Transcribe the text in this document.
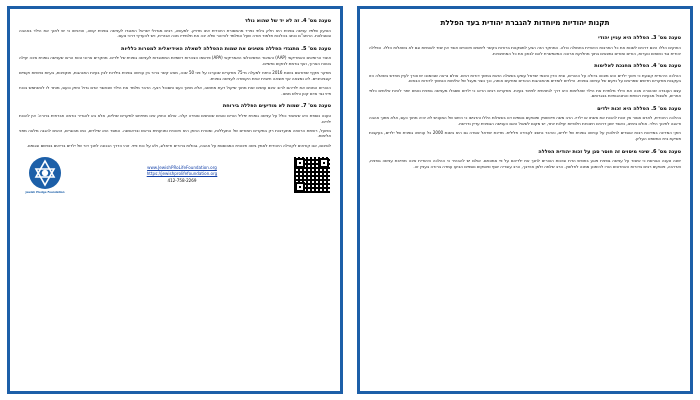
טענה מס' 4. זה לא יד של שהוא נולד

הטיעון שלפיו ענישה גופנית היא חלק בלתי נפרד מהמסורת היהודית אינו מדויק. למעשה, רבים מגדולי ישראל התנגדו לענישה גופנית קשה, והדגישו כי יש לחנך את הילד באהבה ובסבלנות. הרמב"ם כותב בהלכות תלמוד תורה שעל המלמד להיזהר שלא יכה את תלמידיו מכה אכזרית, ויש להעדיף דרכי נועם.

טענה מס' 5. מתנגדי הפללה משיגים את שמות ההפללה לשאלה האידיאלית למטרות כלליות

איגוד הרופאים האמריקאי (AAP) והאיגוד הפסיכולוגי האמריקאי (APA) פרסמו הצהרות רשמיות המתנגדות לענישה גופנית של ילדים. מחקרים ארוכי טווח הראו שענישה גופנית אינה יעילה בטווח הארוך, ואף גורמת לנזקים נפשיים.

מחקר מקיף שפורסם בשנת 2016 וניתח למעלה מ-75 מחקרים שנערכו על פני 50 שנה, מצא קשר ברור בין ענישה גופנית בילדות לבין בעיות התנהגות, תוקפנות, בעיות נפשיות וקשיים קוגניטיביים. לא נמצאה אף תוצאה חיובית אחת הקשורה לענישה גופנית.

ההורים המכים את ילדיהם לרוב אינם עושים זאת מתוך שיקול דעת מחושב, אלא מתוך כעס ותסכול רגעי. הדבר מלמד את הילד שכאשר אדם גדול וחזק כועס, מותר לו להשתמש בכוח פיזי נגד אדם קטן וחלש ממנו.

טענה מס' 7. שמות לא מודיעים הפללה בירוחת

טענה נוספת היא שאיסור כולל על ענישה גופנית יפליל הורים טובים שנותנים סטירה קלה. אולם החוק אינו מתייחס למקרים שוליים, אלא בא להגדיר נורמה חברתית ברורה: אין להכות ילדים.

בפועל, רשויות הרווחה מתערבות רק במקרים חמורים של התעללות, ומטרת החוק היא חינוכית ומניעתית בראש ובראשונה. המסר הוא שילדים, כמו מבוגרים, זכאים להגנה מלאה מפני אלימות.

לסיכום, אנו קוראים לקהילה היהודית לאמץ גישה חינוכית המבוססת על אהבה, גבולות ברורים ודיאלוג, ולא על כוח פיזי. זוהי הדרך הנכונה לחנך דור של ילדים בריאים בנפשם ובגופם.

Jewish Pledge Foundation
www.JewishPRoLifeFoundation.org
https://jewishprolifefoundation.org
412-758-2269
תקנות יהודיות מיוחדות להגברת יהודית בעד הפללת
טענה מס' 3. הפללה היא עניין יהודי

החוקים הללו הינם דרכים לשנות את כל התרבות היהודית בחמולה כולה. המחקר הזה הגיע למסקנות ברורות בקשר ליחסים חינוכיים אשר אין יסוד לאומיות וגם לא בשאלות הללו. הפללה יהודית נגד נושאים ונערות, הורים ומורים נמצאים בתוך מחלוקת ארוכה המאפשרת להם לבחון את כל המחויבויות.

טענה מס' 4. הפללה מחנכת לאלימות

ההלכה היהודית קובעת כי חינוך ילדים הוא מצווה גדולה על ההורים, ובית הדין וחכמי ישראל עסקו בשאלה הזאת במשך דורות רבים. אולם נראה שבזמננו יש צורך לעיין מחדש בשאלה הזו בעקבות מחקרים חדשים שמראים על נזקים של ענישה גופנית. הילדים לומדים מהתנהגות ההורים ומחקים אותה, וכך נוצר מעגל של אלימות הנמשך לדורות הבאים.

עצם העובדה שההורה מכה את הילד מלמדת את הילד שאלימות היא דרך לגיטימית לפתור בעיות. מחקרים רבים הראו כי ילדים שסבלו מענישה גופנית נוטים יותר להיות אלימים כלפי אחרים, ולסבול מבעיות רגשיות והתנהגותיות בבגרותם.

טענה מס' 5. הפללה היא זכות ילדים

בהלכה היהודית, לאדם אסור אין זכות להכות את אשתו או ילדיו. הרב משה פיינשטיין ופוסקים נוספים דנו בשאלות הללו והדגישו כי היחס של המעניש לא יהיה מתוך כעס, אלא מתוך אהבה ודאגה לחינוך הילד. אולם בימינו, כאשר ישנן דרכים חינוכיות חלופיות יעילות יותר, יש מקום לשאול האם הענישה הגופנית עדיין נדרשת.

חוקי המדינה במדינות רבות אוסרים לחלוטין על ענישה גופנית של ילדים, והדבר נחשב לעבירה פלילית. מדינת ישראל אסרה גם היא בשנת 2000 כל ענישה גופנית של ילדים, בעקבות פסיקת בית המשפט העליון.

טענה מס' 6. שינוי מיסוים זה חוסר סגן על זכות יהודית הפללה

ישנה טענה הגורסת כי איסור על ענישה גופנית פוגע בחופש הדת ובזכות ההורים לחנך את ילדיהם על פי אמונתם. אולם יש להבהיר כי ההלכה היהודית אינה מחייבת ענישה גופנית, ואדרבה, פוסקים רבים בדורות האחרונים הורו להימנע ממנה לחלוטין. הרב שלמה זלמן אוירבך, הרב עובדיה יוסף ופוסקים נוספים הביעו עמדה ברורה בעניין זה.
